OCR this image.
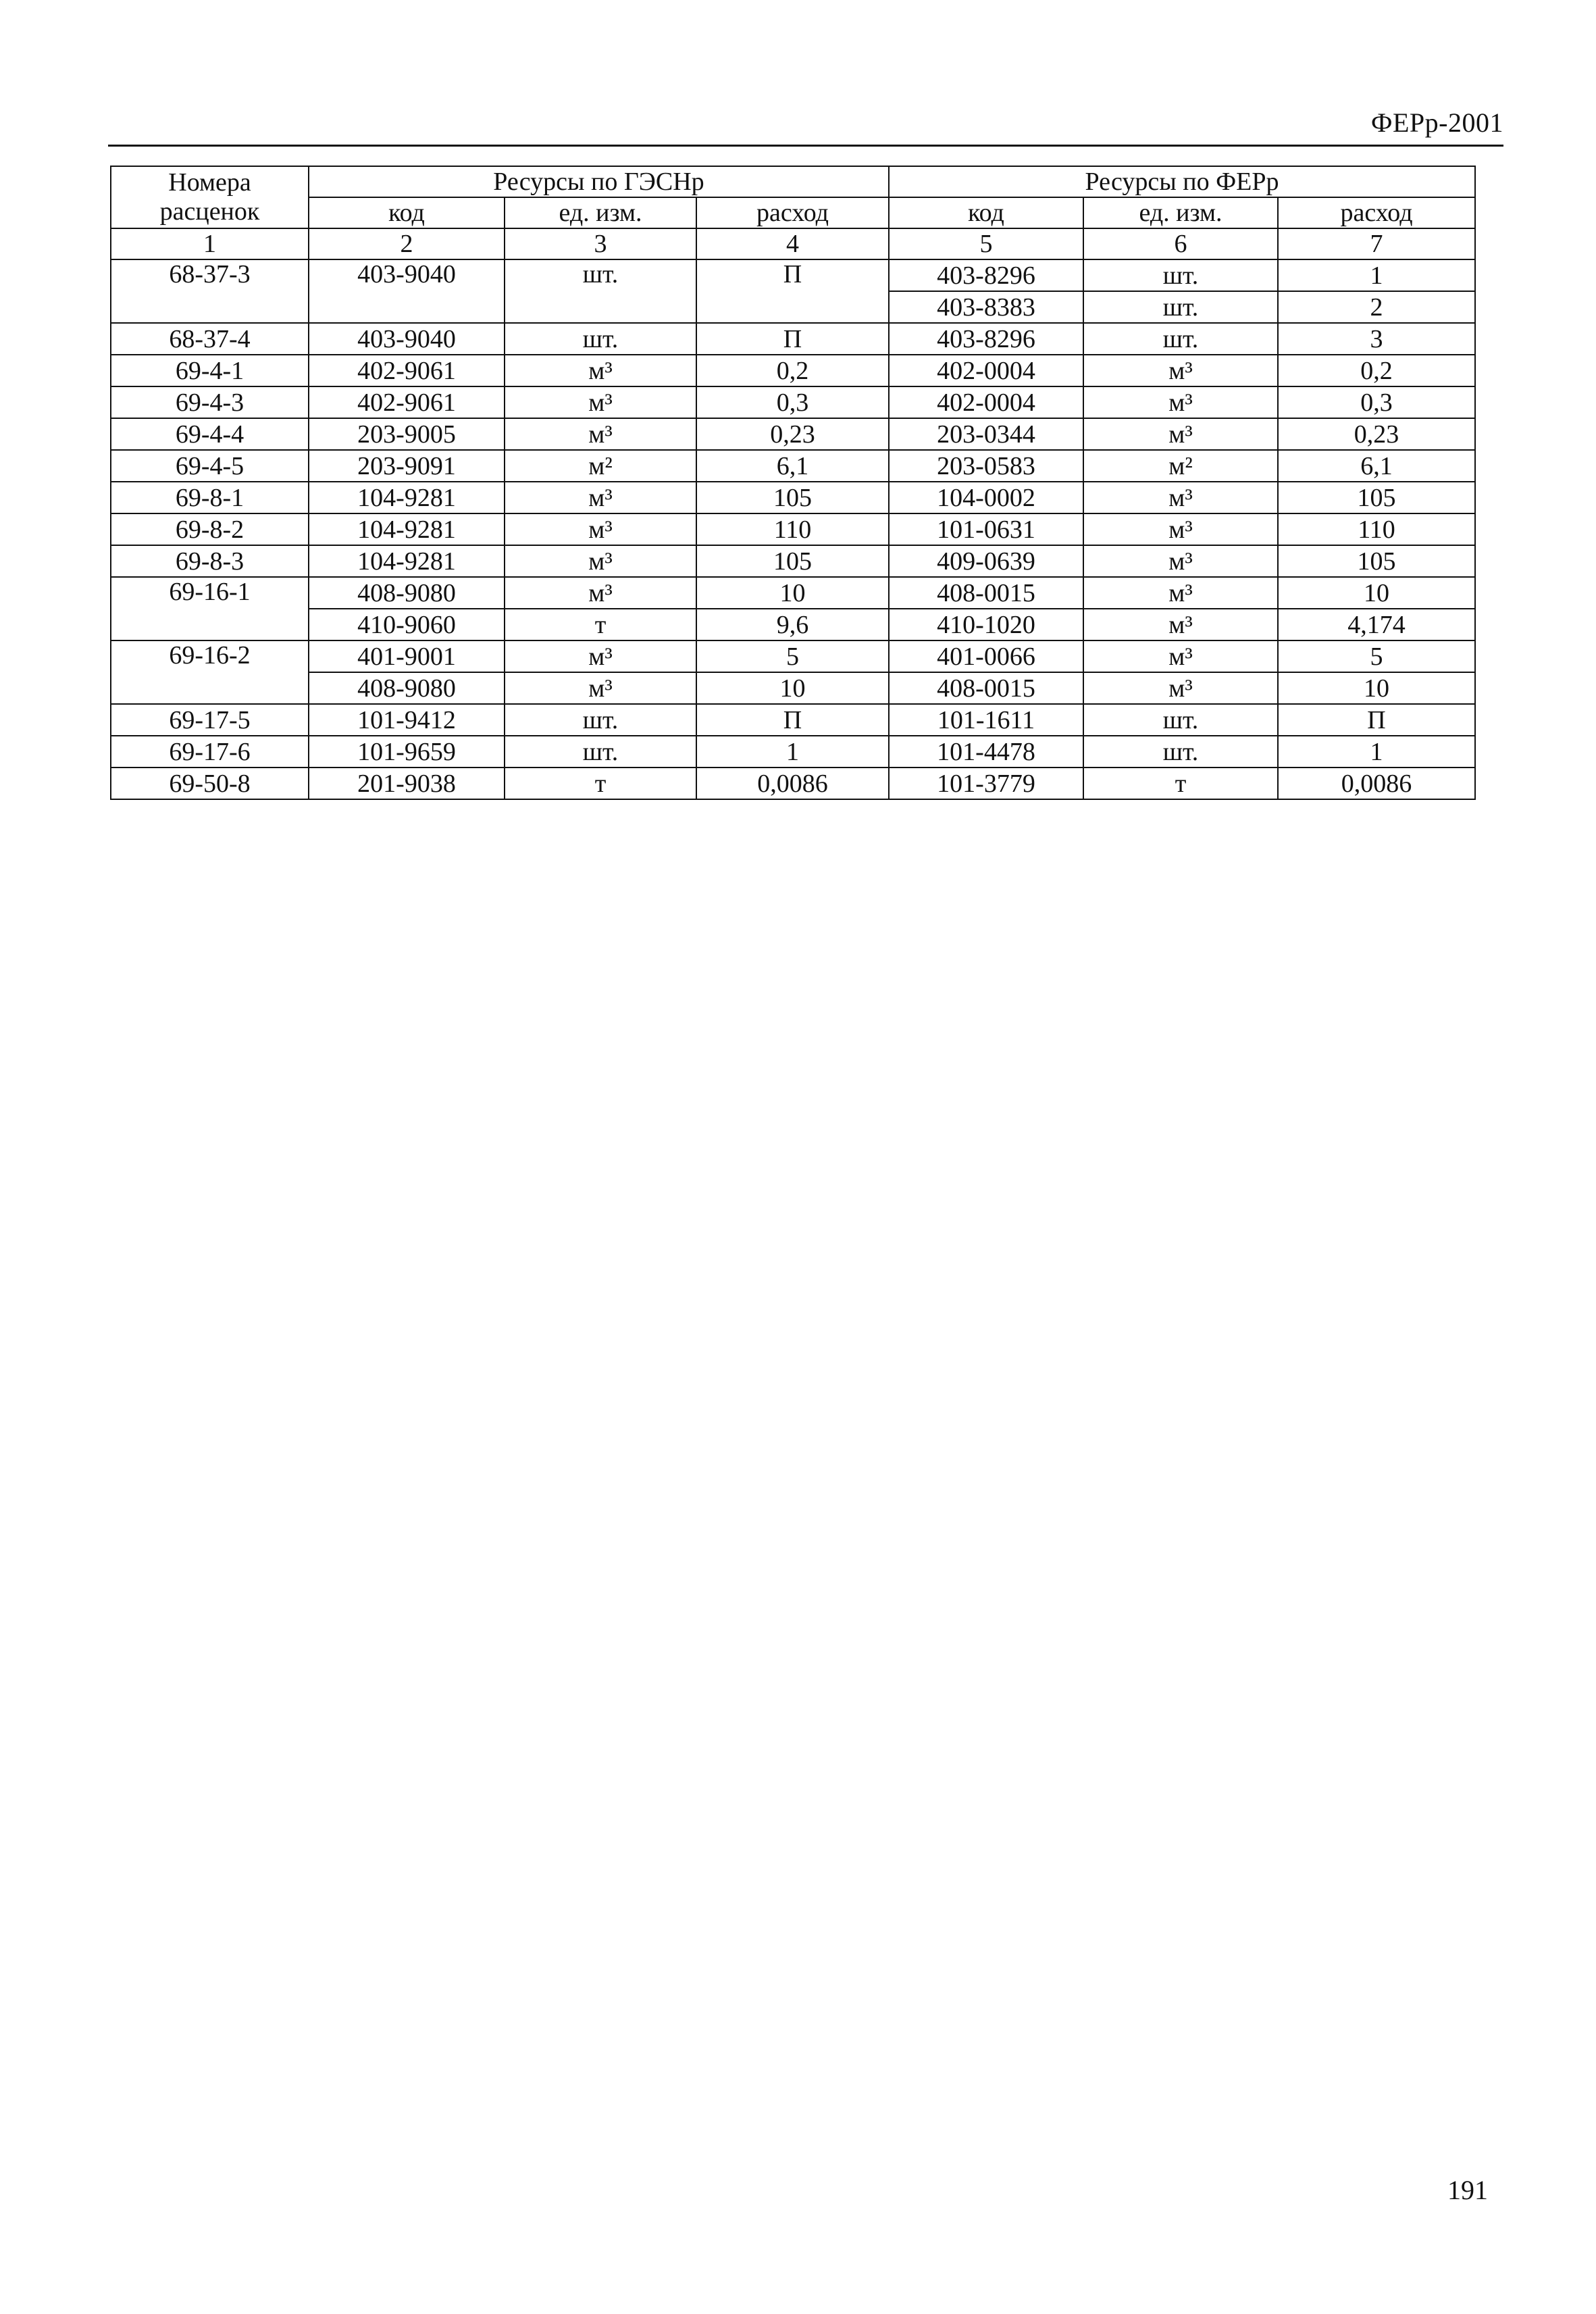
ФЕРр-2001
Номера расценок	Ресурсы по ГЭСНр			Ресурсы по ФЕРр		
	код	ед. изм.	расход	код	ед. изм.	расход
1	2	3	4	5	6	7
68-37-3	403-9040	шт.	П	403-8296	шт.	1
				403-8383	шт.	2
68-37-4	403-9040	шт.	П	403-8296	шт.	3
69-4-1	402-9061	м³	0,2	402-0004	м³	0,2
69-4-3	402-9061	м³	0,3	402-0004	м³	0,3
69-4-4	203-9005	м³	0,23	203-0344	м³	0,23
69-4-5	203-9091	м²	6,1	203-0583	м²	6,1
69-8-1	104-9281	м³	105	104-0002	м³	105
69-8-2	104-9281	м³	110	101-0631	м³	110
69-8-3	104-9281	м³	105	409-0639	м³	105
69-16-1	408-9080	м³	10	408-0015	м³	10
	410-9060	т	9,6	410-1020	м³	4,174
69-16-2	401-9001	м³	5	401-0066	м³	5
	408-9080	м³	10	408-0015	м³	10
69-17-5	101-9412	шт.	П	101-1611	шт.	П
69-17-6	101-9659	шт.	1	101-4478	шт.	1
69-50-8	201-9038	т	0,0086	101-3779	т	0,0086
191
